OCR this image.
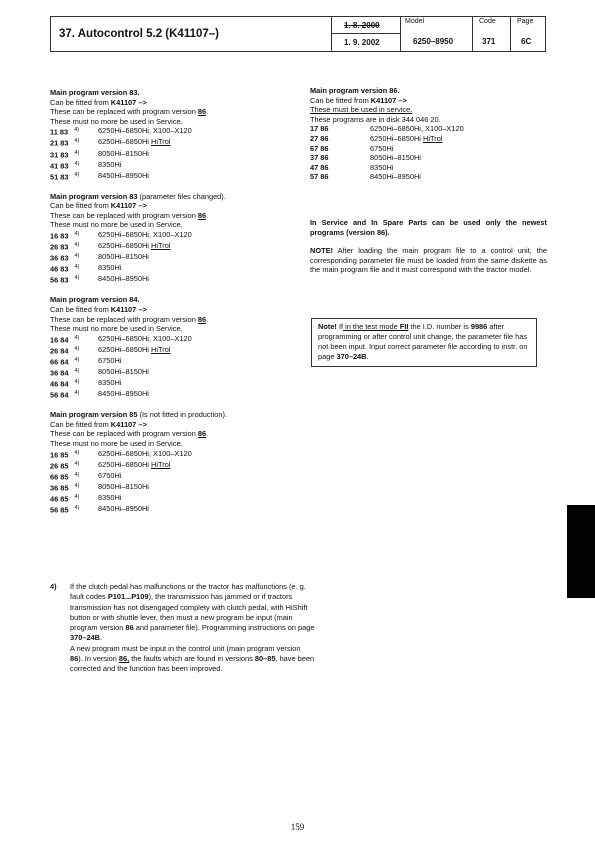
37. Autocontrol 5.2 (K41107–)
1. 8. 2000
1. 9. 2002
Model
6250–8950
Code
371
Page
6C
Main program version 83.
Can be fitted from K41107 –>
These can be replaced with program version 86.
These must no more be used in Service.
11 83 $^{4)}$	6250Hi–6850Hi, X100–X120
21 83 $^{4)}$	6250Hi–6850Hi HiTrol
31 83 $^{4)}$	8050Hi–8150Hi
41 83 $^{4)}$	8350Hi
51 83 $^{4)}$	8450Hi–8950Hi
Main program version 83 (parameter files changed).
Can be fitted from K41107 –>
These can be replaced with program version 86.
These must no more be used in Service.
16 83 $^{4)}$	6250Hi–6850Hi, X100–X120
26 83 $^{4)}$	6250Hi–6850Hi HiTrol
36 83 $^{4)}$	8050Hi–8150Hi
46 83 $^{4)}$	8350Hi
56 83 $^{4)}$	8450Hi–8950Hi
Main program version 84.
Can be fitted from K41107 –>
These can be replaced with program version 86.
These must no more be used in Service.
16 84 $^{4)}$	6250Hi–6850Hi, X100–X120
26 84 $^{4)}$	6250Hi–6850Hi HiTrol
66 84 $^{4)}$	6750Hi
36 84 $^{4)}$	8050Hi–8150Hi
46 84 $^{4)}$	8350Hi
56 84 $^{4)}$	8450Hi–8950Hi
Main program version 85 (Is not fitted in production).
Can be fitted from K41107 –>
These can be replaced with program version 86.
These must no more be used in Service.
16 85 $^{4)}$	6250Hi–6850Hi, X100–X120
26 85 $^{4)}$	6250Hi–6850Hi HiTrol
66 85 $^{4)}$	6750Hi
36 85 $^{4)}$	8050Hi–8150Hi
46 85 $^{4)}$	8350Hi
56 85 $^{4)}$	8450Hi–8950Hi
Main program version 86.
Can be fitted from K41107 –>
These must be used in service.
These programs are in disk 344 046 20.
17 86	6250Hi–6850Hi, X100–X120
27 86	6250Hi–6850Hi HiTrol
67 86	6750Hi
37 86	8050Hi–8150Hi
47 86	8350Hi
57 86	8450Hi–8950Hi
In Service and In Spare Parts can be used only the newest programs (version 86).
NOTE! After loading the main program file to a control unit, the corresponding parameter file must be loaded from the same diskette as the main program file and it must correspond with the tractor model.
Note! If in the test mode FII the I.D. number is 9986 after programming or after control unit change, the parameter file has not been input. Input correct parameter file according to instr. on page 370–24B.
4) If the clutch pedal has malfunctions or the tractor has malfunctions (e. g. fault codes P101...P109), the transmission has jammed or if tractors transmission has not disengaged complety with clutch pedal, with HiShift button or with shuttle lever, then must a new program be input (main program version 86 and parameter file). Programming instructions on page 370–24B.
A new program must be input in the control unit (main program version 86). In version 86, the faults which are found in versions 80–85, have been corrected and the function has been improved.
159
